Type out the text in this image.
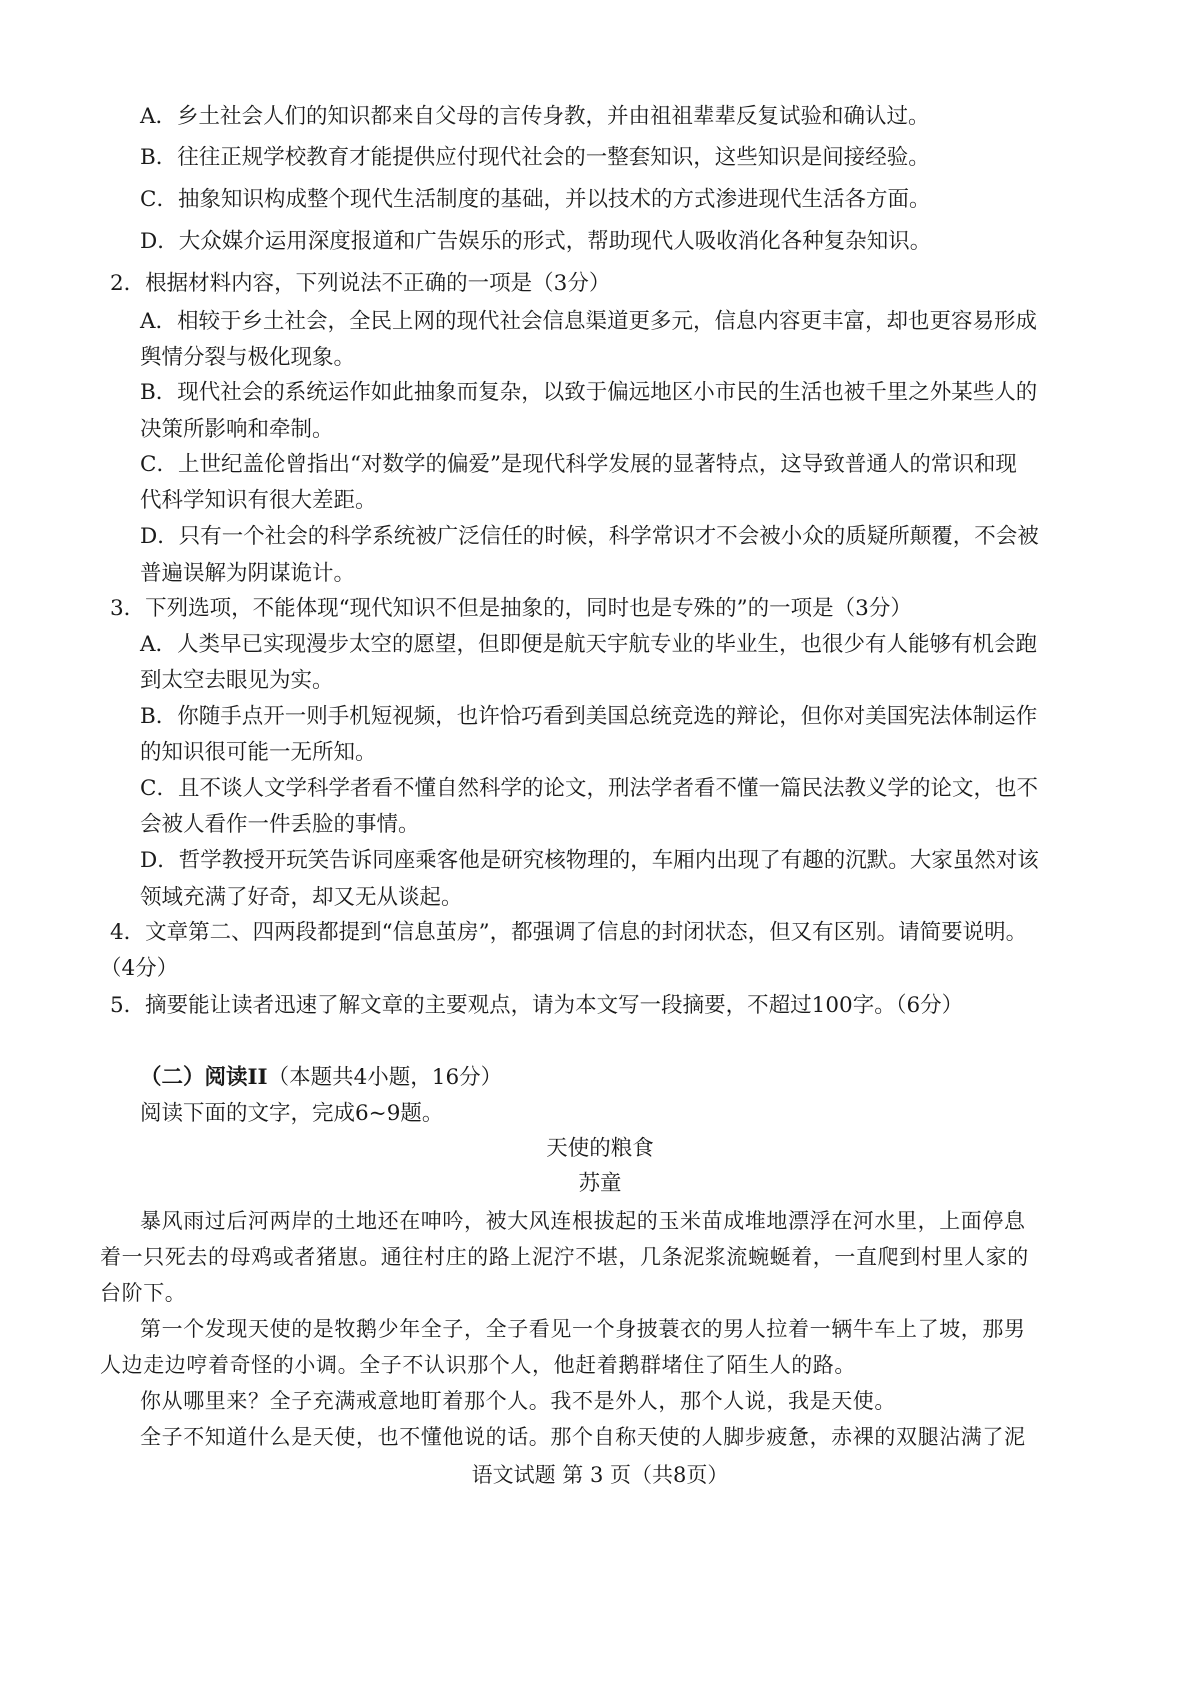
A．乡土社会人们的知识都来自父母的言传身教，并由祖祖辈辈反复试验和确认过。
B．往往正规学校教育才能提供应付现代社会的一整套知识，这些知识是间接经验。
C．抽象知识构成整个现代生活制度的基础，并以技术的方式渗进现代生活各方面。
D．大众媒介运用深度报道和广告娱乐的形式，帮助现代人吸收消化各种复杂知识。
2．根据材料内容，下列说法不正确的一项是（3分）
A．相较于乡土社会，全民上网的现代社会信息渠道更多元，信息内容更丰富，却也更容易形成
舆情分裂与极化现象。
B．现代社会的系统运作如此抽象而复杂，以致于偏远地区小市民的生活也被千里之外某些人的
决策所影响和牵制。
C．上世纪盖伦曾指出“对数学的偏爱”是现代科学发展的显著特点，这导致普通人的常识和现
代科学知识有很大差距。
D．只有一个社会的科学系统被广泛信任的时候，科学常识才不会被小众的质疑所颠覆，不会被
普遍误解为阴谋诡计。
3．下列选项，不能体现“现代知识不但是抽象的，同时也是专殊的”的一项是（3分）
A．人类早已实现漫步太空的愿望，但即便是航天宇航专业的毕业生，也很少有人能够有机会跑
到太空去眼见为实。
B．你随手点开一则手机短视频，也许恰巧看到美国总统竞选的辩论，但你对美国宪法体制运作
的知识很可能一无所知。
C．且不谈人文学科学者看不懂自然科学的论文，刑法学者看不懂一篇民法教义学的论文，也不
会被人看作一件丢脸的事情。
D．哲学教授开玩笑告诉同座乘客他是研究核物理的，车厢内出现了有趣的沉默。大家虽然对该
领域充满了好奇，却又无从谈起。
4．文章第二、四两段都提到“信息茧房”，都强调了信息的封闭状态，但又有区别。请简要说明。
（4分）
5．摘要能让读者迅速了解文章的主要观点，请为本文写一段摘要，不超过100字。（6分）
（二）阅读II（本题共4小题，16分）
阅读下面的文字，完成6~9题。
天使的粮食
苏童
暴风雨过后河两岸的土地还在呻吟，被大风连根拔起的玉米苗成堆地漂浮在河水里，上面停息
着一只死去的母鸡或者猪崽。通往村庄的路上泥泞不堪，几条泥浆流蜿蜒着，一直爬到村里人家的
台阶下。
第一个发现天使的是牧鹅少年全子，全子看见一个身披蓑衣的男人拉着一辆牛车上了坡，那男
人边走边哼着奇怪的小调。全子不认识那个人，他赶着鹅群堵住了陌生人的路。
你从哪里来？全子充满戒意地盯着那个人。我不是外人，那个人说，我是天使。
全子不知道什么是天使，也不懂他说的话。那个自称天使的人脚步疲惫，赤裸的双腿沾满了泥
语文试题 第 3 页（共8页）
